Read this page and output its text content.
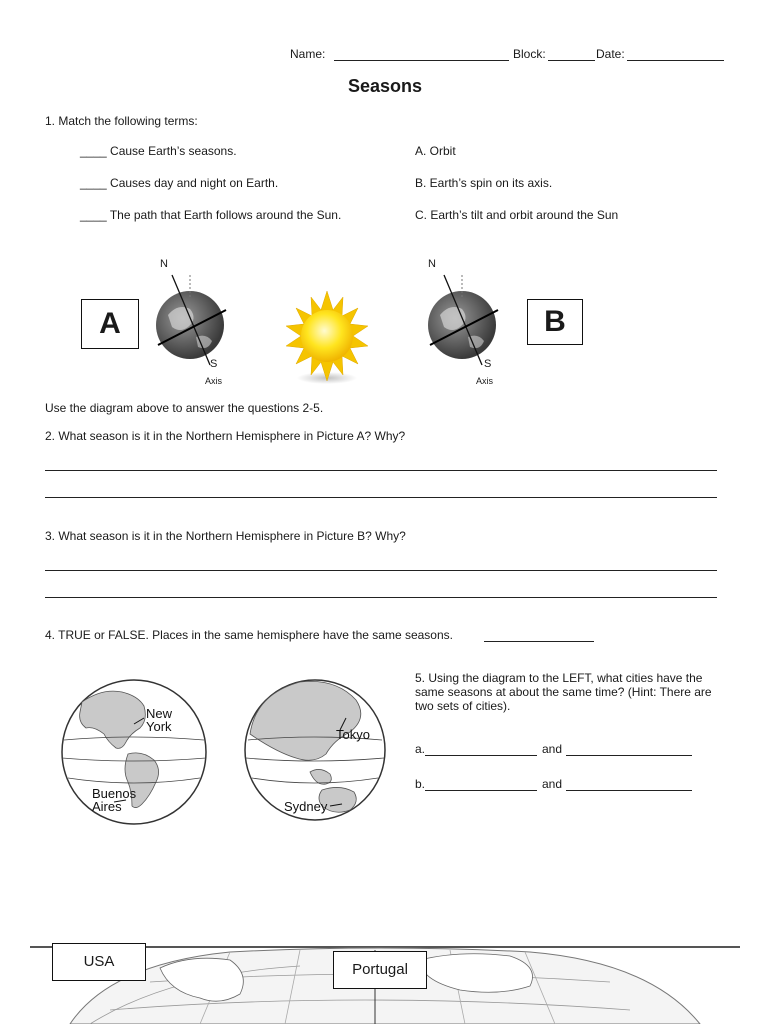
Name:	Block:	Date:
Seasons
1. Match the following terms:
____ Cause Earth’s seasons.
____ Causes day and night on Earth.
____ The path that Earth follows around the Sun.
A. Orbit
B. Earth’s spin on its axis.
C. Earth’s tilt and orbit around the Sun
A	B
N
S
Axis
N
S
Axis
Use the diagram above to answer the questions 2-5.
2. What season is it in the Northern Hemisphere in Picture A? Why?
3. What season is it in the Northern Hemisphere in Picture B? Why?
4. TRUE or FALSE. Places in the same hemisphere have the same seasons.
New York
Buenos Aires
Tokyo
Sydney
5. Using the diagram to the LEFT, what cities have the same seasons at about the same time? (Hint: There are two sets of cities).
a.	and
b.	and
USA	Portugal
